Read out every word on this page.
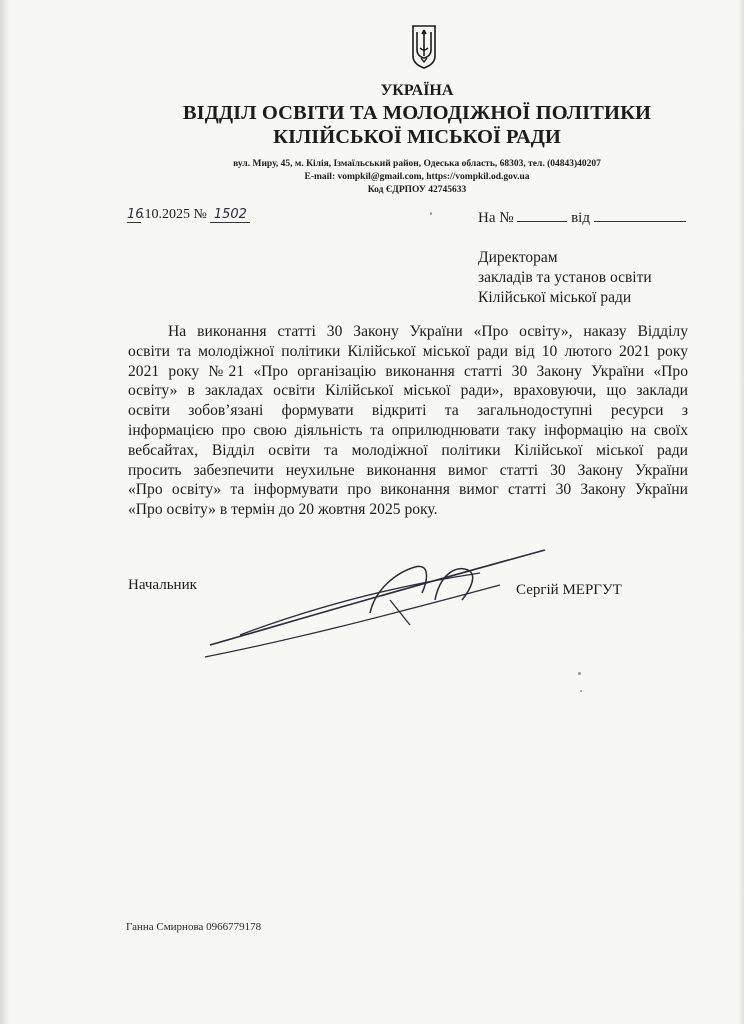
УКРАЇНА
ВІДДІЛ ОСВІТИ ТА МОЛОДІЖНОЇ ПОЛІТИКИ
КІЛІЙСЬКОЇ МІСЬКОЇ РАДИ
вул. Миру, 45, м. Кілія, Ізмаїльський район, Одеська область, 68303, тел. (04843)40207
E-mail: vompkil@gmail.com, https://vompkil.od.gov.ua
Код ЄДРПОУ 42745633
16.10.2025 № 1502	На №	від
Директорам
закладів та установ освіти
Кілійської міської ради
На виконання статті 30 Закону України «Про освіту», наказу Відділу
освіти та молодіжної політики Кілійської міської ради від 10 лютого 2021 року
2021 року №21 «Про організацію виконання статті 30 Закону України «Про
освіту» в закладах освіти Кілійської міської ради», враховуючи, що заклади
освіти зобов’язані формувати відкриті та загальнодоступні ресурси з
інформацією про свою діяльність та оприлюднювати таку інформацію на своїх
вебсайтах, Відділ освіти та молодіжної політики Кілійської міської ради
просить забезпечити неухильне виконання вимог статті 30 Закону України
«Про освіту» та інформувати про виконання вимог статті 30 Закону України
«Про освіту» в термін до 20 жовтня 2025 року.
Начальник	Сергій МЕРГУТ
Ганна Смирнова 0966779178
